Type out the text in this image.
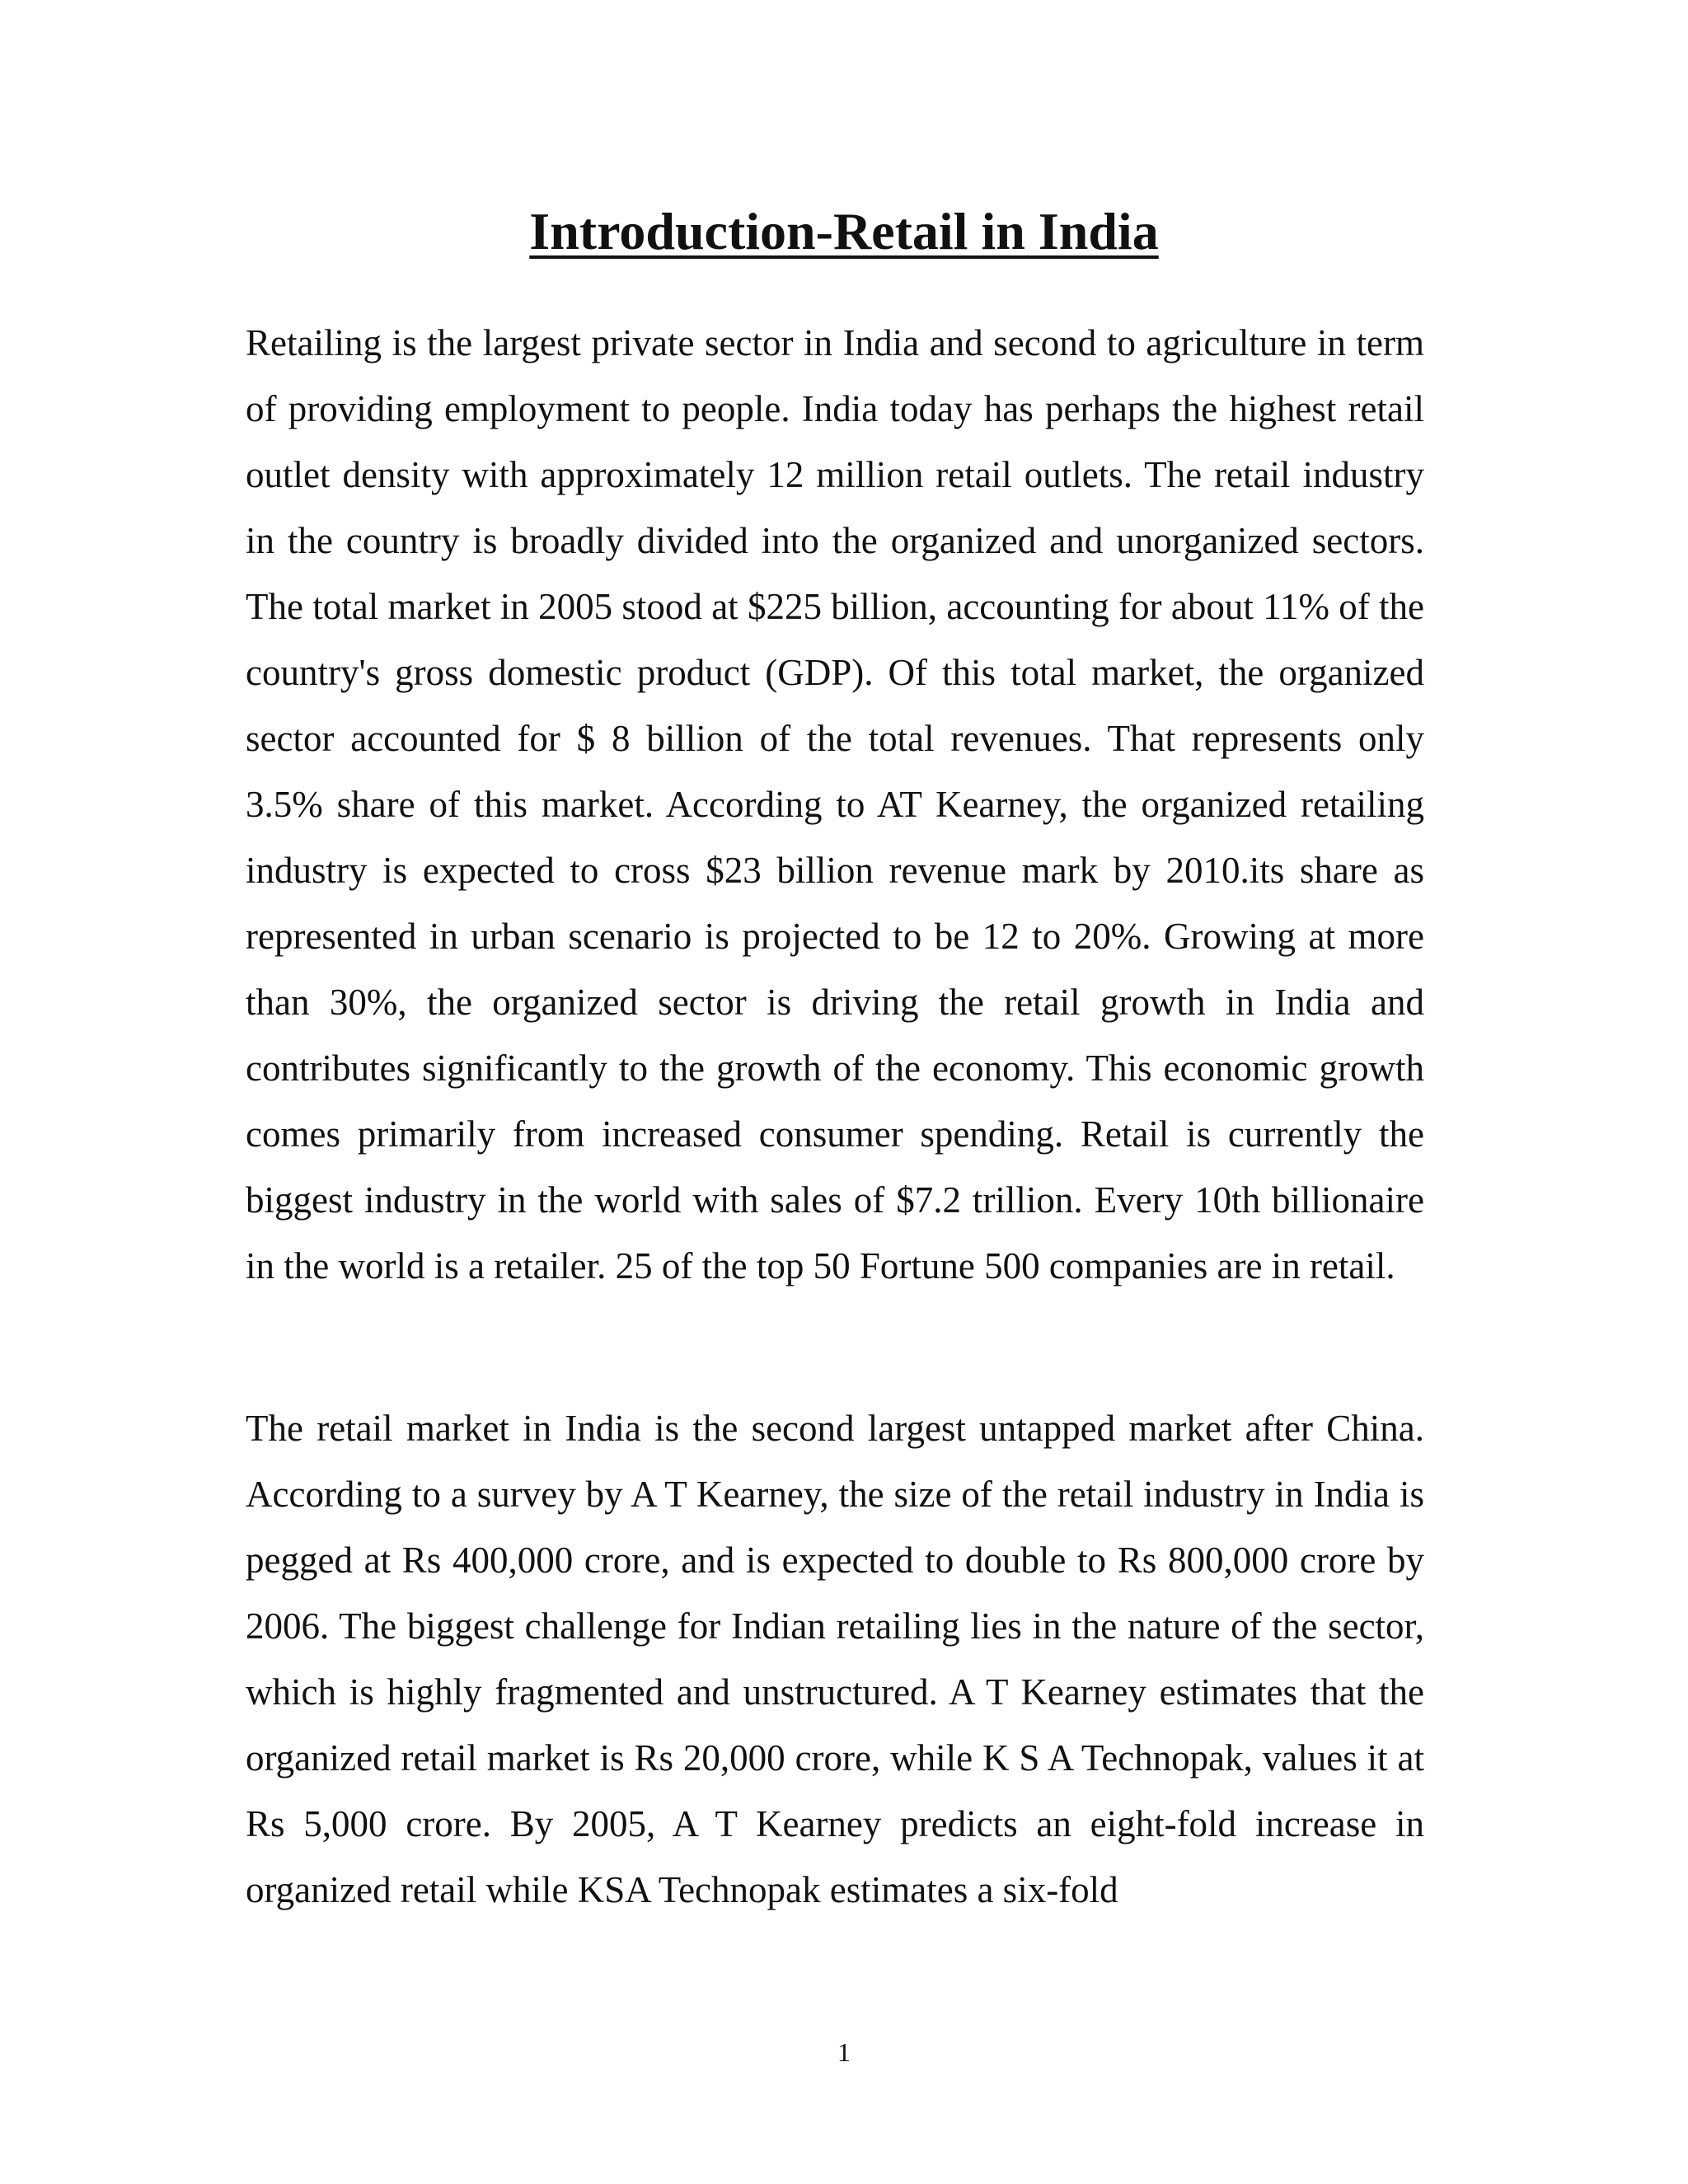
Introduction-Retail in India

Retailing is the largest private sector in India and second to agriculture in term of providing employment to people. India today has perhaps the highest retail outlet density with approximately 12 million retail outlets. The retail industry in the country is broadly divided into the organized and unorganized sectors. The total market in 2005 stood at $225 billion, accounting for about 11% of the country's gross domestic product (GDP). Of this total market, the organized sector accounted for $ 8 billion of the total revenues. That represents only 3.5% share of this market. According to AT Kearney, the organized retailing industry is expected to cross $23 billion revenue mark by 2010.its share as represented in urban scenario is projected to be 12 to 20%. Growing at more than 30%, the organized sector is driving the retail growth in India and contributes significantly to the growth of the economy. This economic growth comes primarily from increased consumer spending. Retail is currently the biggest industry in the world with sales of $7.2 trillion. Every 10th billionaire in the world is a retailer. 25 of the top 50 Fortune 500 companies are in retail.

The retail market in India is the second largest untapped market after China. According to a survey by A T Kearney, the size of the retail industry in India is pegged at Rs 400,000 crore, and is expected to double to Rs 800,000 crore by 2006. The biggest challenge for Indian retailing lies in the nature of the sector, which is highly fragmented and unstructured. A T Kearney estimates that the organized retail market is Rs 20,000 crore, while K S A Technopak, values it at Rs 5,000 crore. By 2005, A T Kearney predicts an eight-fold increase in organized retail while KSA Technopak estimates a six-fold

1
